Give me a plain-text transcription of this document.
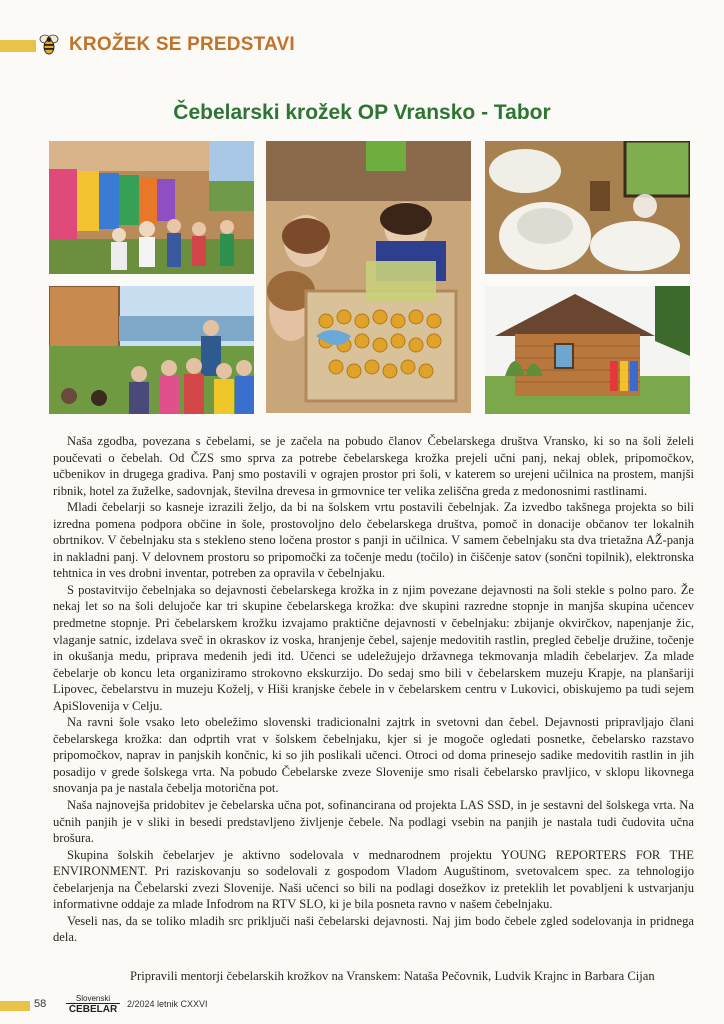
KROŽEK SE PREDSTAVI
Čebelarski krožek OP Vransko - Tabor

Naša zgodba, povezana s čebelami, se je začela na pobudo članov Čebelarskega društva Vransko, ki so na šoli želeli poučevati o čebelah. Od ČZS smo sprva za potrebe čebelarskega krožka prejeli učni panj, nekaj oblek, pripomočkov, učbenikov in drugega gradiva. Panj smo postavili v ograjen prostor pri šoli, v katerem so urejeni učilnica na prostem, manjši ribnik, hotel za žuželke, sadovnjak, številna drevesa in grmovnice ter velika zeliščna greda z medonosnimi rastlinami.

Mladi čebelarji so kasneje izrazili željo, da bi na šolskem vrtu postavili čebelnjak. Za izvedbo takšnega projekta so bili izredna pomena podpora občine in šole, prostovoljno delo čebelarskega društva, pomoč in donacije občanov ter lokalnih obrtnikov. V čebelnjaku sta s stekleno steno ločena prostor s panji in učilnica. V samem čebelnjaku sta dva trietažna AŽ-panja in nakladni panj. V delovnem prostoru so pripomočki za točenje medu (točilo) in čiščenje satov (sončni topilnik), elektronska tehtnica in ves drobni inventar, potreben za opravila v čebelnjaku.

S postavitvijo čebelnjaka so dejavnosti čebelarskega krožka in z njim povezane dejavnosti na šoli stekle s polno paro. Že nekaj let so na šoli delujoče kar tri skupine čebelarskega krožka: dve skupini razredne stopnje in manjša skupina učencev predmetne stopnje. Pri čebelarskem krožku izvajamo praktične dejavnosti v čebelnjaku: zbijanje okvirčkov, napenjanje žic, vlaganje satnic, izdelava sveč in okraskov iz voska, hranjenje čebel, sajenje medovitih rastlin, pregled čebelje družine, točenje in okušanja medu, priprava medenih jedi itd. Učenci se udeležujejo državnega tekmovanja mladih čebelarjev. Za mlade čebelarje ob koncu leta organiziramo strokovno ekskurzijo. Do sedaj smo bili v čebelarskem muzeju Krapje, na planšariji Lipovec, čebelarstvu in muzeju Koželj, v Hiši kranjske čebele in v čebelarskem centru v Lukovici, obiskujemo pa tudi sejem ApiSlovenija v Celju.

Na ravni šole vsako leto obeležimo slovenski tradicionalni zajtrk in svetovni dan čebel. Dejavnosti pripravljajo člani čebelarskega krožka: dan odprtih vrat v šolskem čebelnjaku, kjer si je mogoče ogledati posnetke, čebelarsko razstavo pripomočkov, naprav in panjskih končnic, ki so jih poslikali učenci. Otroci od doma prinesejo sadike medovitih rastlin in jih posadijo v grede šolskega vrta. Na pobudo Čebelarske zveze Slovenije smo risali čebelarsko pravljico, v sklopu likovnega snovanja pa je nastala čebelja motoričnа pot.

Naša najnovejša pridobitev je čebelarska učna pot, sofinancirana od projekta LAS SSD, in je sestavni del šolskega vrta. Na učnih panjih je v sliki in besedi predstavljeno življenje čebele. Na podlagi vsebin na panjih je nastala tudi čudovita učna brošura.

Skupina šolskih čebelarjev je aktivno sodelovala v mednarodnem projektu YOUNG REPORTERS FOR THE ENVIRONMENT. Pri raziskovanju so sodelovali z gospodom Vladom Auguštinom, svetovalcem spec. za tehnologijo čebelarjenja na Čebelarski zvezi Slovenije. Naši učenci so bili na podlagi dosežkov iz preteklih let povabljeni k ustvarjanju informativne oddaje za mlade Infodrom na RTV SLO, ki je bila posneta ravno v našem čebelnjaku.

Veseli nas, da se toliko mladih src priključi naši čebelarski dejavnosti. Naj jim bodo čebele zgled sodelovanja in pridnega dela.

Pripravili mentorji čebelarskih krožkov na Vranskem: Nataša Pečovnik, Ludvik Krajnc in Barbara Cijan
58	Slovenski
ČEBELAR	2/2024 letnik CXXVI
